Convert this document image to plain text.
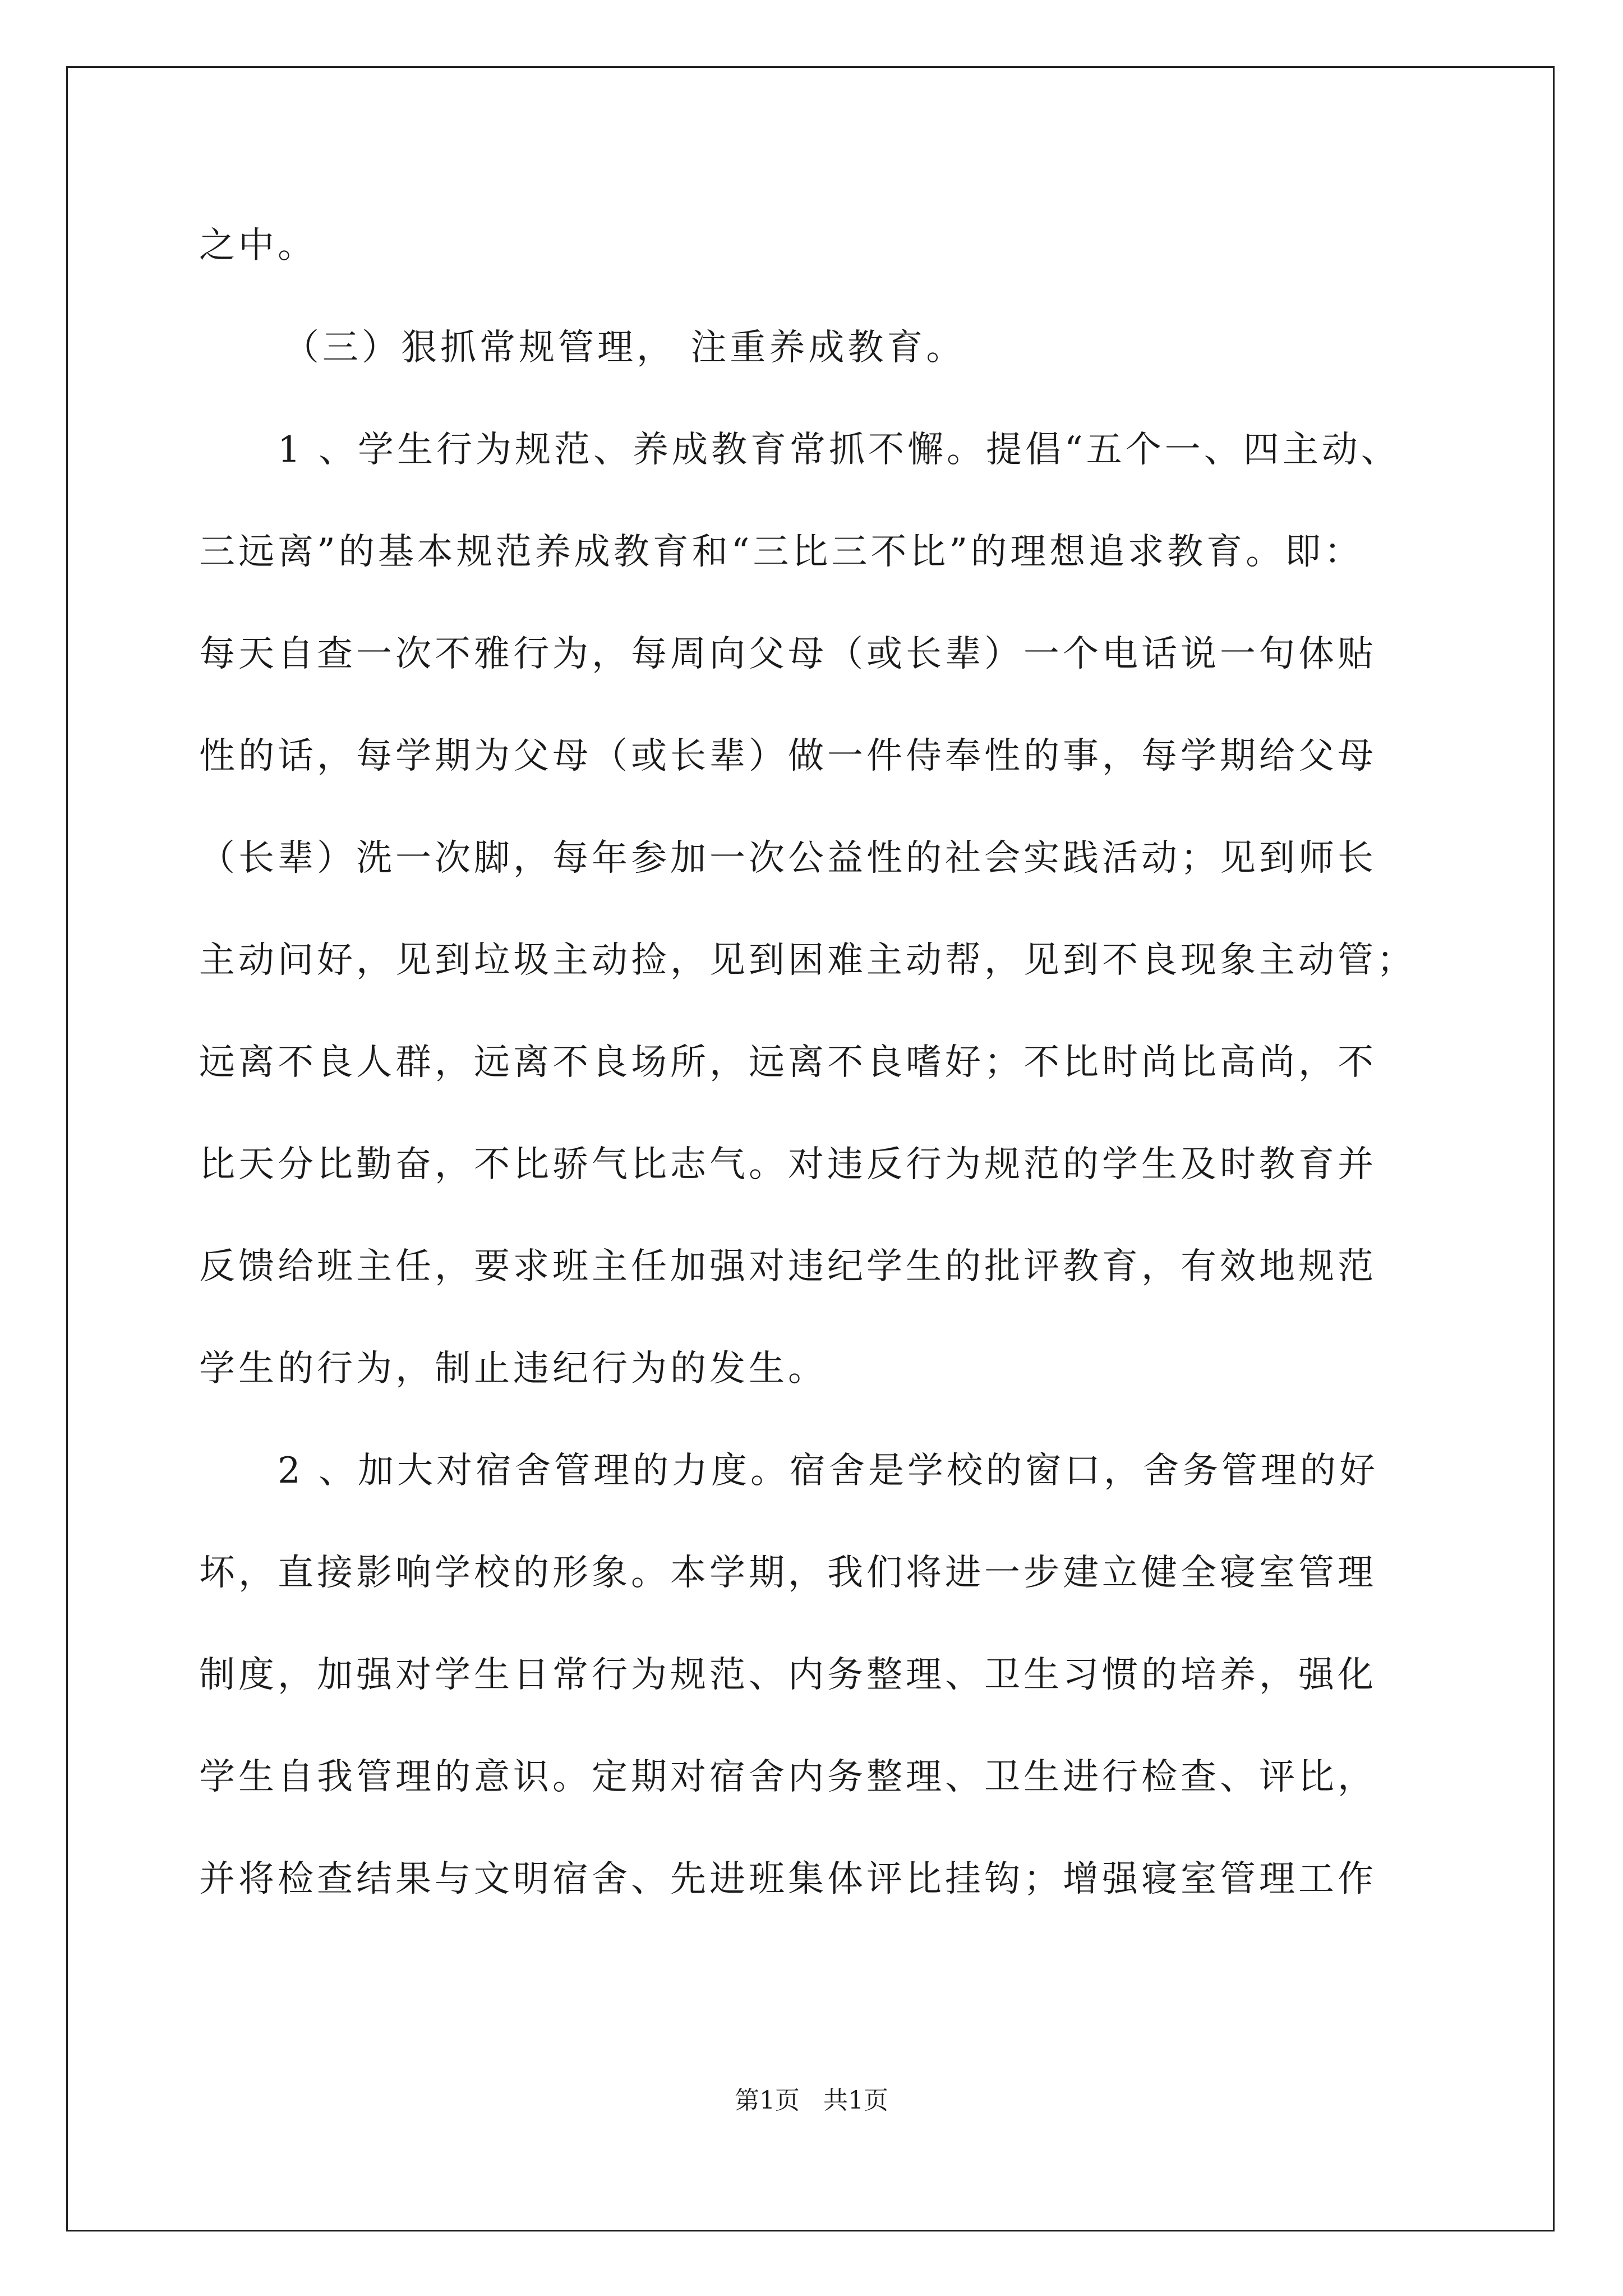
之中。
（三）狠抓常规管理， 注重养成教育。
1 、学生行为规范、养成教育常抓不懈。提倡“五个一、四主动、
三远离”的基本规范养成教育和“三比三不比”的理想追求教育。即：
每天自查一次不雅行为，每周向父母（或长辈）一个电话说一句体贴
性的话，每学期为父母（或长辈）做一件侍奉性的事，每学期给父母
（长辈）洗一次脚，每年参加一次公益性的社会实践活动；见到师长
主动问好，见到垃圾主动捡，见到困难主动帮，见到不良现象主动管；
远离不良人群，远离不良场所，远离不良嗜好；不比时尚比高尚，不
比天分比勤奋，不比骄气比志气。对违反行为规范的学生及时教育并
反馈给班主任，要求班主任加强对违纪学生的批评教育，有效地规范
学生的行为，制止违纪行为的发生。
2 、加大对宿舍管理的力度。宿舍是学校的窗口，舍务管理的好
坏，直接影响学校的形象。本学期，我们将进一步建立健全寝室管理
制度，加强对学生日常行为规范、内务整理、卫生习惯的培养，强化
学生自我管理的意识。定期对宿舍内务整理、卫生进行检查、评比，
并将检查结果与文明宿舍、先进班集体评比挂钩；增强寝室管理工作
第1页   共1页
